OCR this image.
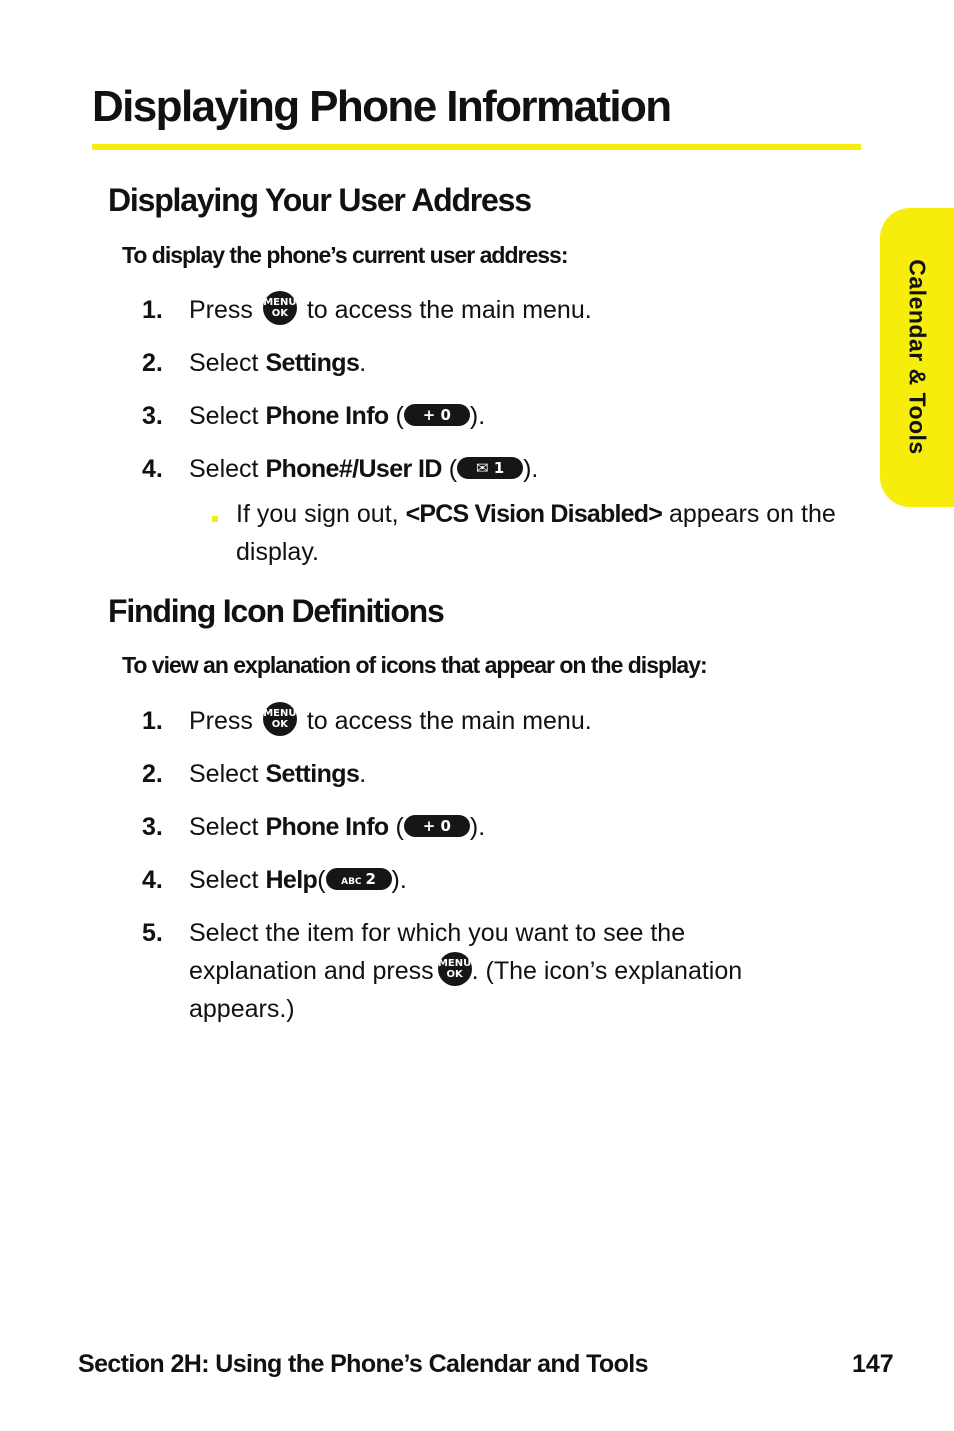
Displaying Phone Information
Calendar & Tools
Displaying Your User Address

To display the phone’s current user address:

1. Press MENU
OK to access the main menu.
2. Select Settings.
3. Select Phone Info ( + 0 ).
4. Select Phone#/User ID ( ✉ 1 ).
If you sign out, <PCS Vision Disabled> appears on the display.
Finding Icon Definitions

To view an explanation of icons that appear on the display:

1. Press MENU
OK to access the main menu.
2. Select Settings.
3. Select Phone Info ( + 0 ).
4. Select Help( ABC 2 ).
5. Select the item for which you want to see the explanation and press MENU
OK . (The icon’s explanation appears.)
Section 2H: Using the Phone’s Calendar and Tools	147
